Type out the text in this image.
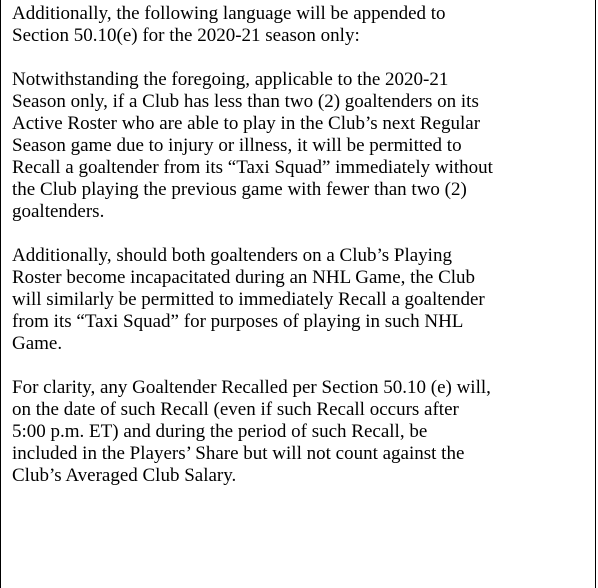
Additionally, the following language will be appended to
Section 50.10(e) for the 2020-21 season only:

Notwithstanding the foregoing, applicable to the 2020-21
Season only, if a Club has less than two (2) goaltenders on its
Active Roster who are able to play in the Club’s next Regular
Season game due to injury or illness, it will be permitted to
Recall a goaltender from its “Taxi Squad” immediately without
the Club playing the previous game with fewer than two (2)
goaltenders.

Additionally, should both goaltenders on a Club’s Playing
Roster become incapacitated during an NHL Game, the Club
will similarly be permitted to immediately Recall a goaltender
from its “Taxi Squad” for purposes of playing in such NHL
Game.

For clarity, any Goaltender Recalled per Section 50.10 (e) will,
on the date of such Recall (even if such Recall occurs after
5:00 p.m. ET) and during the period of such Recall, be
included in the Players’ Share but will not count against the
Club’s Averaged Club Salary.
